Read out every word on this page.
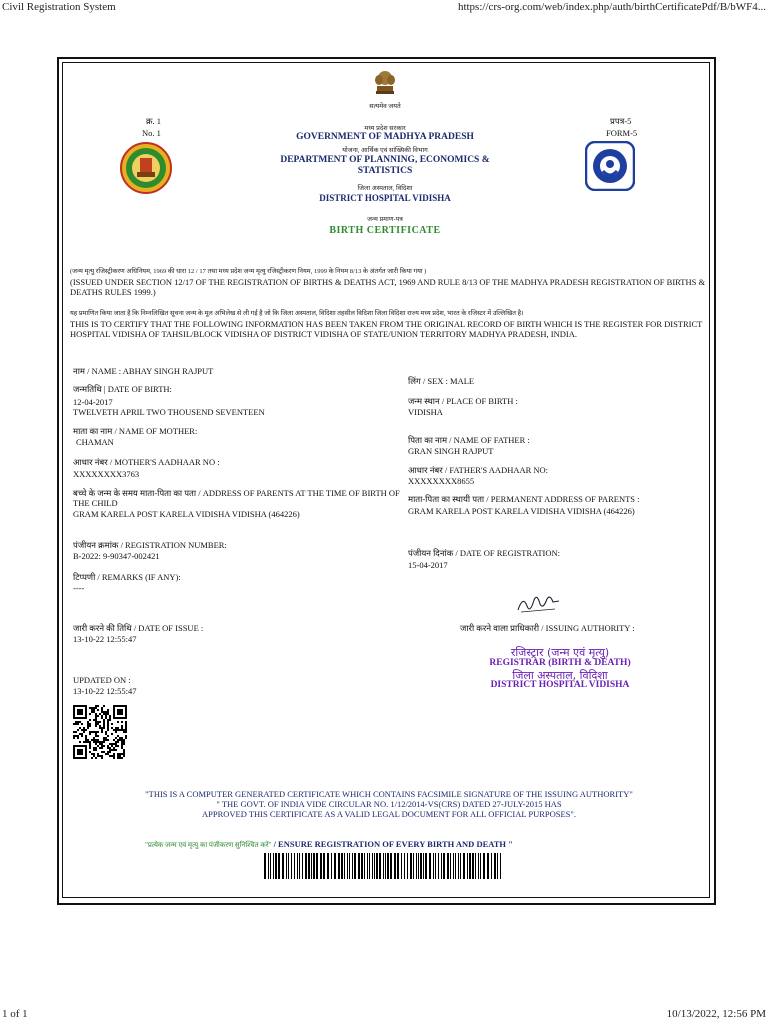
Civil Registration System	https://crs-org.com/web/index.php/auth/birthCertificatePdf/B/bWF4...
सत्यमेव जयते
क्र. 1
No. 1
प्रपत्र-5
FORM-5
मध्य प्रदेश सरकार
GOVERNMENT OF MADHYA PRADESH
योजना, आर्थिक एवं सांख्यिकी विभाग
DEPARTMENT OF PLANNING, ECONOMICS &
STATISTICS
जिला अस्पताल, विदिशा
DISTRICT HOSPITAL VIDISHA
जन्म प्रमाण-पत्र
BIRTH CERTIFICATE
(जन्म मृत्यु रजिस्ट्रीकरण अधिनियम, 1969 की धारा 12 / 17 तथा मध्य प्रदेश जन्म मृत्यु रजिस्ट्रीकरण नियम, 1999 के नियम 8/13 के अंतर्गत जारी किया गया )
(ISSUED UNDER SECTION 12/17 OF THE REGISTRATION OF BIRTHS & DEATHS ACT, 1969 AND RULE 8/13 OF THE MADHYA PRADESH REGISTRATION OF BIRTHS & DEATHS RULES 1999.)
यह प्रमाणित किया जाता है कि निम्नलिखित सूचना जन्म के मूल अभिलेख से ली गई है जो कि जिला अस्पताल, विदिशा तहसील विदिशा जिला विदिशा राज्य मध्य प्रदेश, भारत के रजिस्टर में उल्लिखित है।
THIS IS TO CERTIFY THAT THE FOLLOWING INFORMATION HAS BEEN TAKEN FROM THE ORIGINAL RECORD OF BIRTH WHICH IS THE REGISTER FOR DISTRICT HOSPITAL VIDISHA OF TAHSIL/BLOCK VIDISHA OF DISTRICT VIDISHA OF STATE/UNION TERRITORY MADHYA PRADESH, INDIA.
नाम / NAME : ABHAY SINGH RAJPUT
जन्मतिथि | DATE OF BIRTH:
12-04-2017
TWELVETH APRIL TWO THOUSEND SEVENTEEN
माता का नाम / NAME OF MOTHER:
CHAMAN
आधार नंबर / MOTHER'S AADHAAR NO :
XXXXXXXX3763
बच्चे के जन्म के समय माता-पिता का पता / ADDRESS OF PARENTS AT THE TIME OF BIRTH OF
THE CHILD
GRAM KARELA POST KARELA VIDISHA VIDISHA (464226)
पंजीयन क्रमांक / REGISTRATION NUMBER:
B-2022: 9-90347-002421
टिप्पणी / REMARKS (IF ANY):
----
जारी करने की तिथि / DATE OF ISSUE :
13-10-22 12:55:47
UPDATED ON :
13-10-22 12:55:47
लिंग / SEX : MALE
जन्म स्थान / PLACE OF BIRTH :
VIDISHA
पिता का नाम / NAME OF FATHER :
GRAN SINGH RAJPUT
आधार नंबर / FATHER'S AADHAAR NO:
XXXXXXXX8655
माता-पिता का स्थायी पता / PERMANENT ADDRESS OF PARENTS :
GRAM KARELA POST KARELA VIDISHA VIDISHA (464226)
पंजीयन दिनांक / DATE OF REGISTRATION:
15-04-2017
जारी करने वाला प्राधिकारी / ISSUING AUTHORITY :
रजिस्ट्रार (जन्म एवं मृत्यु)
REGISTRAR (BIRTH & DEATH)
जिला अस्पताल, विदिशा
DISTRICT HOSPITAL VIDISHA
"THIS IS A COMPUTER GENERATED CERTIFICATE WHICH CONTAINS FACSIMILE SIGNATURE OF THE ISSUING AUTHORITY"
" THE GOVT. OF INDIA VIDE CIRCULAR NO. 1/12/2014-VS(CRS) DATED 27-JULY-2015 HAS
APPROVED THIS CERTIFICATE AS A VALID LEGAL DOCUMENT FOR ALL OFFICIAL PURPOSES".
"प्रत्येक जन्म एवं मृत्यु का पंजीकरण सुनिश्चित करें" / ENSURE REGISTRATION OF EVERY BIRTH AND DEATH "
1 of 1	10/13/2022, 12:56 PM
